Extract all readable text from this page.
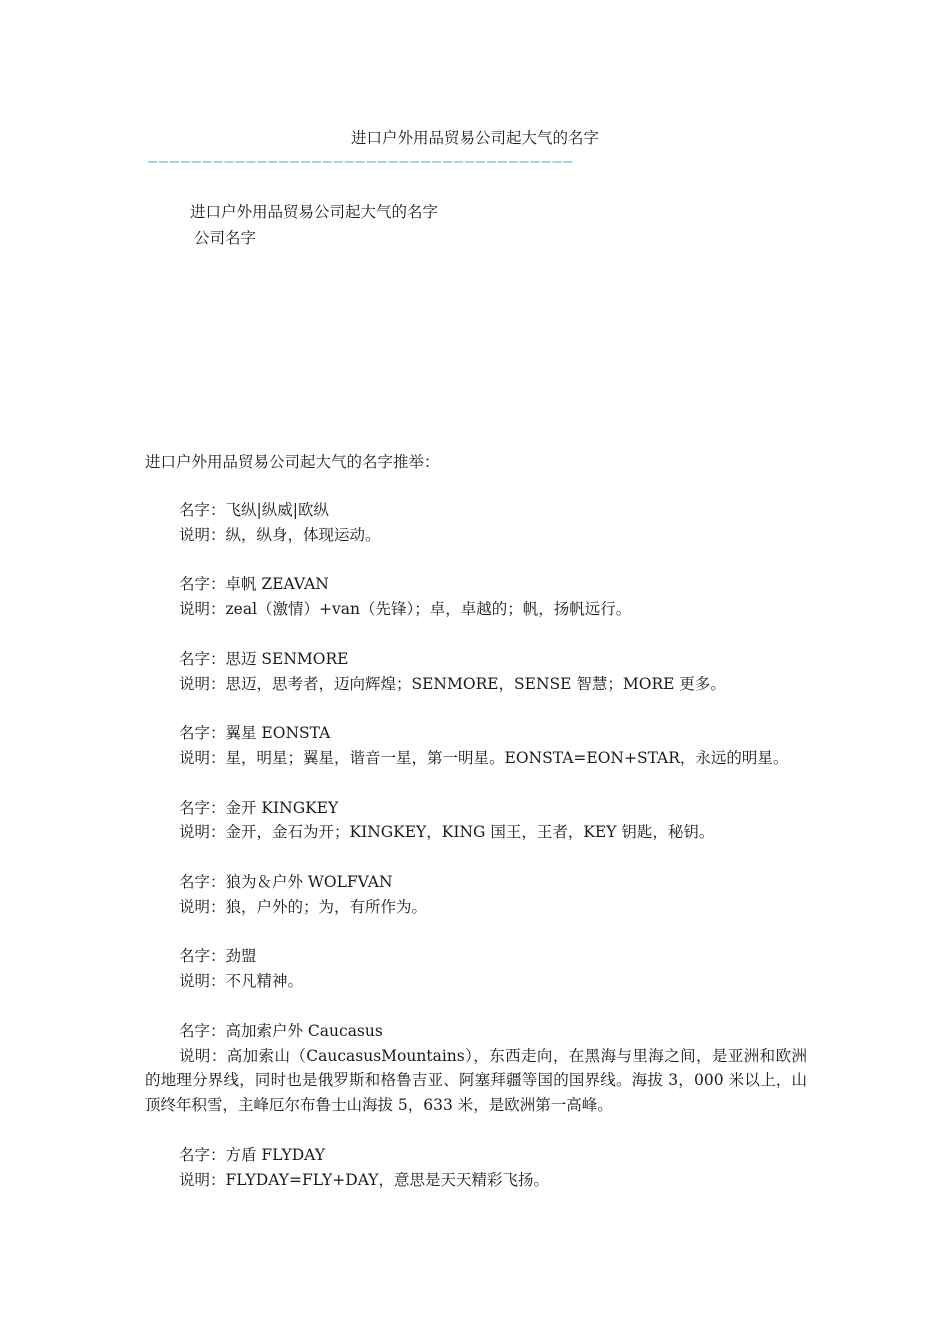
进口户外用品贸易公司起大气的名字
———————————————————————————————————————
进口户外用品贸易公司起大气的名字
公司名字
进口户外用品贸易公司起大气的名字推举：
名字：飞纵|纵威|欧纵
说明：纵，纵身，体现运动。
名字：卓帆 ZEAVAN
说明：zeal（激情）+van（先锋）；卓，卓越的；帆，扬帆远行。
名字：思迈 SENMORE
说明：思迈，思考者，迈向辉煌；SENMORE，SENSE 智慧；MORE 更多。
名字：翼星 EONSTA
说明：星，明星；翼星，谐音一星，第一明星。EONSTA=EON+STAR，永远的明星。
名字：金开 KINGKEY
说明：金开，金石为开；KINGKEY，KING 国王，王者，KEY 钥匙，秘钥。
名字：狼为＆户外 WOLFVAN
说明：狼，户外的；为，有所作为。
名字：劲盟
说明：不凡精神。
名字：高加索户外 Caucasus
说明：高加索山（CaucasusMountains），东西走向，在黑海与里海之间，是亚洲和欧洲的地理分界线，同时也是俄罗斯和格鲁吉亚、阿塞拜疆等国的国界线。海拔 3，000 米以上，山顶终年积雪，主峰厄尔布鲁士山海拔 5，633 米，是欧洲第一高峰。
名字：方盾 FLYDAY
说明：FLYDAY=FLY+DAY，意思是天天精彩飞扬。
